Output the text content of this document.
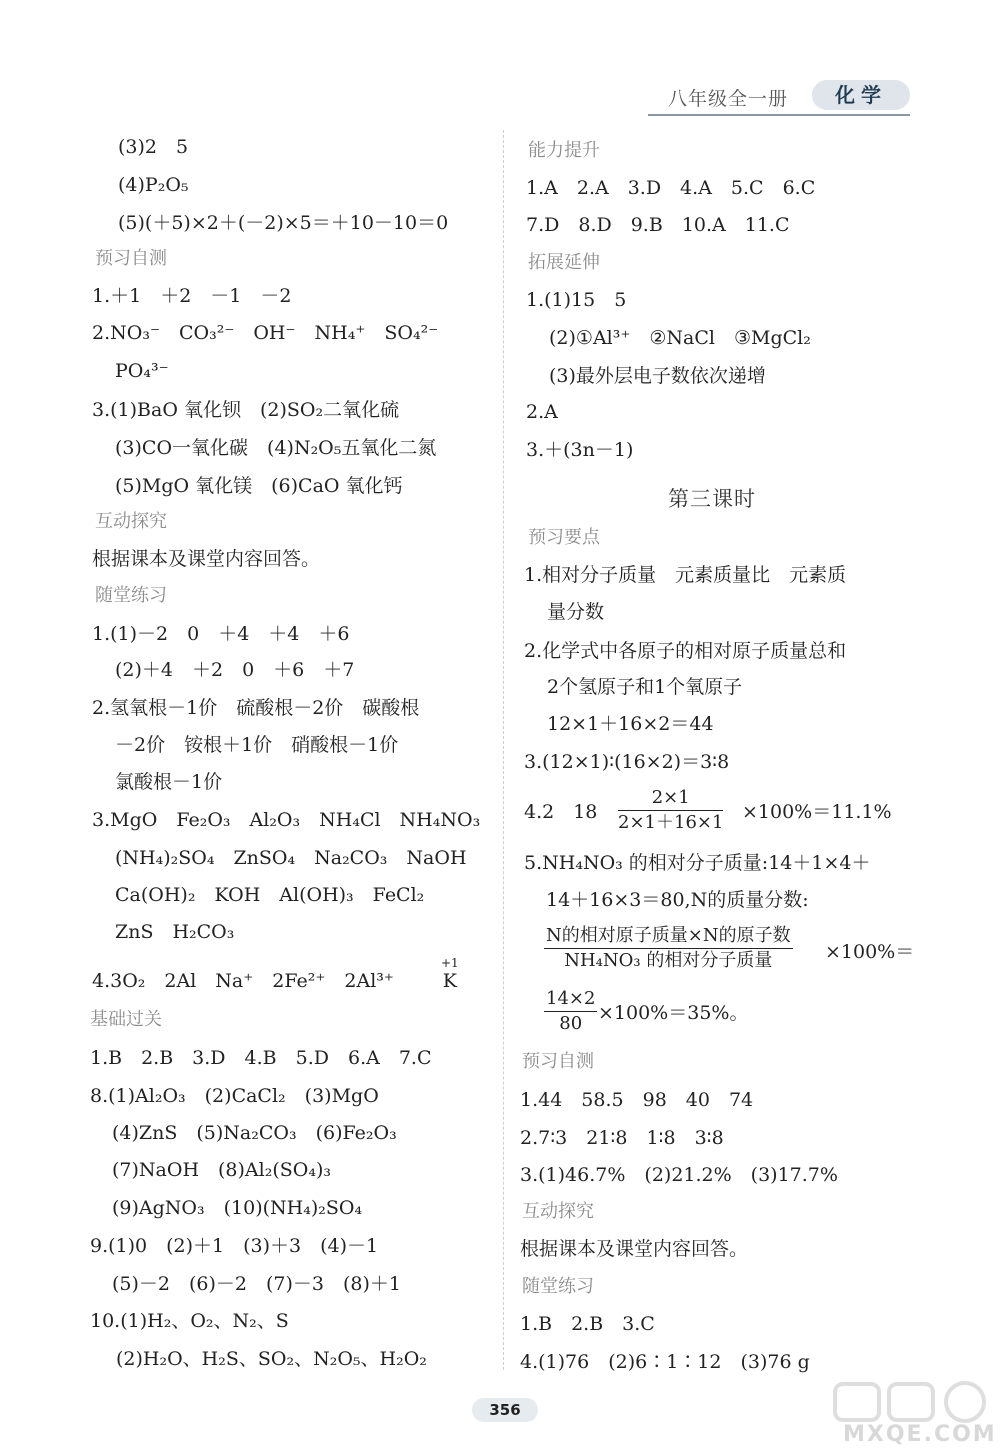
八年级全一册	化学
(3)2　5
(4)P₂O₅
(5)(＋5)×2＋(－2)×5＝＋10－10＝0
预习自测
1.＋1　＋2　－1　－2
2.NO₃⁻　CO₃²⁻　OH⁻　NH₄⁺　SO₄²⁻
PO₄³⁻
3.(1)BaO 氧化钡　(2)SO₂二氧化硫
(3)CO一氧化碳　(4)N₂O₅五氧化二氮
(5)MgO 氧化镁　(6)CaO 氧化钙
互动探究
根据课本及课堂内容回答。
随堂练习
1.(1)－2　0　＋4　＋4　＋6
(2)＋4　＋2　0　＋6　＋7
2.氢氧根－1价　硫酸根－2价　碳酸根
－2价　铵根＋1价　硝酸根－1价
氯酸根－1价
3.MgO　Fe₂O₃　Al₂O₃　NH₄Cl　NH₄NO₃
(NH₄)₂SO₄　ZnSO₄　Na₂CO₃　NaOH
Ca(OH)₂　KOH　Al(OH)₃　FeCl₂
ZnS　H₂CO₃
4.3O₂　2Al　Na⁺　2Fe²⁺　2Al³⁺
+1
K
基础过关
1.B　2.B　3.D　4.B　5.D　6.A　7.C
8.(1)Al₂O₃　(2)CaCl₂　(3)MgO
(4)ZnS　(5)Na₂CO₃　(6)Fe₂O₃
(7)NaOH　(8)Al₂(SO₄)₃
(9)AgNO₃　(10)(NH₄)₂SO₄
9.(1)0　(2)＋1　(3)＋3　(4)－1
(5)－2　(6)－2　(7)－3　(8)＋1
10.(1)H₂、O₂、N₂、S
(2)H₂O、H₂S、SO₂、N₂O₅、H₂O₂
能力提升
1.A　2.A　3.D　4.A　5.C　6.C
7.D　8.D　9.B　10.A　11.C
拓展延伸
1.(1)15　5
(2)①Al³⁺　②NaCl　③MgCl₂
(3)最外层电子数依次递增
2.A
3.＋(3n－1)
第三课时
预习要点
1.相对分子质量　元素质量比　元素质
量分数
2.化学式中各原子的相对原子质量总和
2个氢原子和1个氧原子
12×1＋16×2＝44
3.(12×1)∶(16×2)＝3∶8
4.2　$18 \frac{2\times 1}{2\times 1+16\times 1} \times 100\%=11.1\%$
5.NH₄NO₃ 的相对分子质量:14＋1×4＋
14＋16×3＝80,N的质量分数:
N的相对原子质量×N的原子数
NH₄NO₃ 的相对分子质量	×100%＝
$\frac{14\times 2}{80} \times 100\%=35\%$。
预习自测
1.44　58.5　98　40　74
2.7∶3　21∶8　1∶8　3∶8
3.(1)46.7%　(2)21.2%　(3)17.7%
互动探究
根据课本及课堂内容回答。
随堂练习
1.B　2.B　3.C
4.(1)76　(2)6∶1∶12　(3)76 g
356
MXQE.COM
